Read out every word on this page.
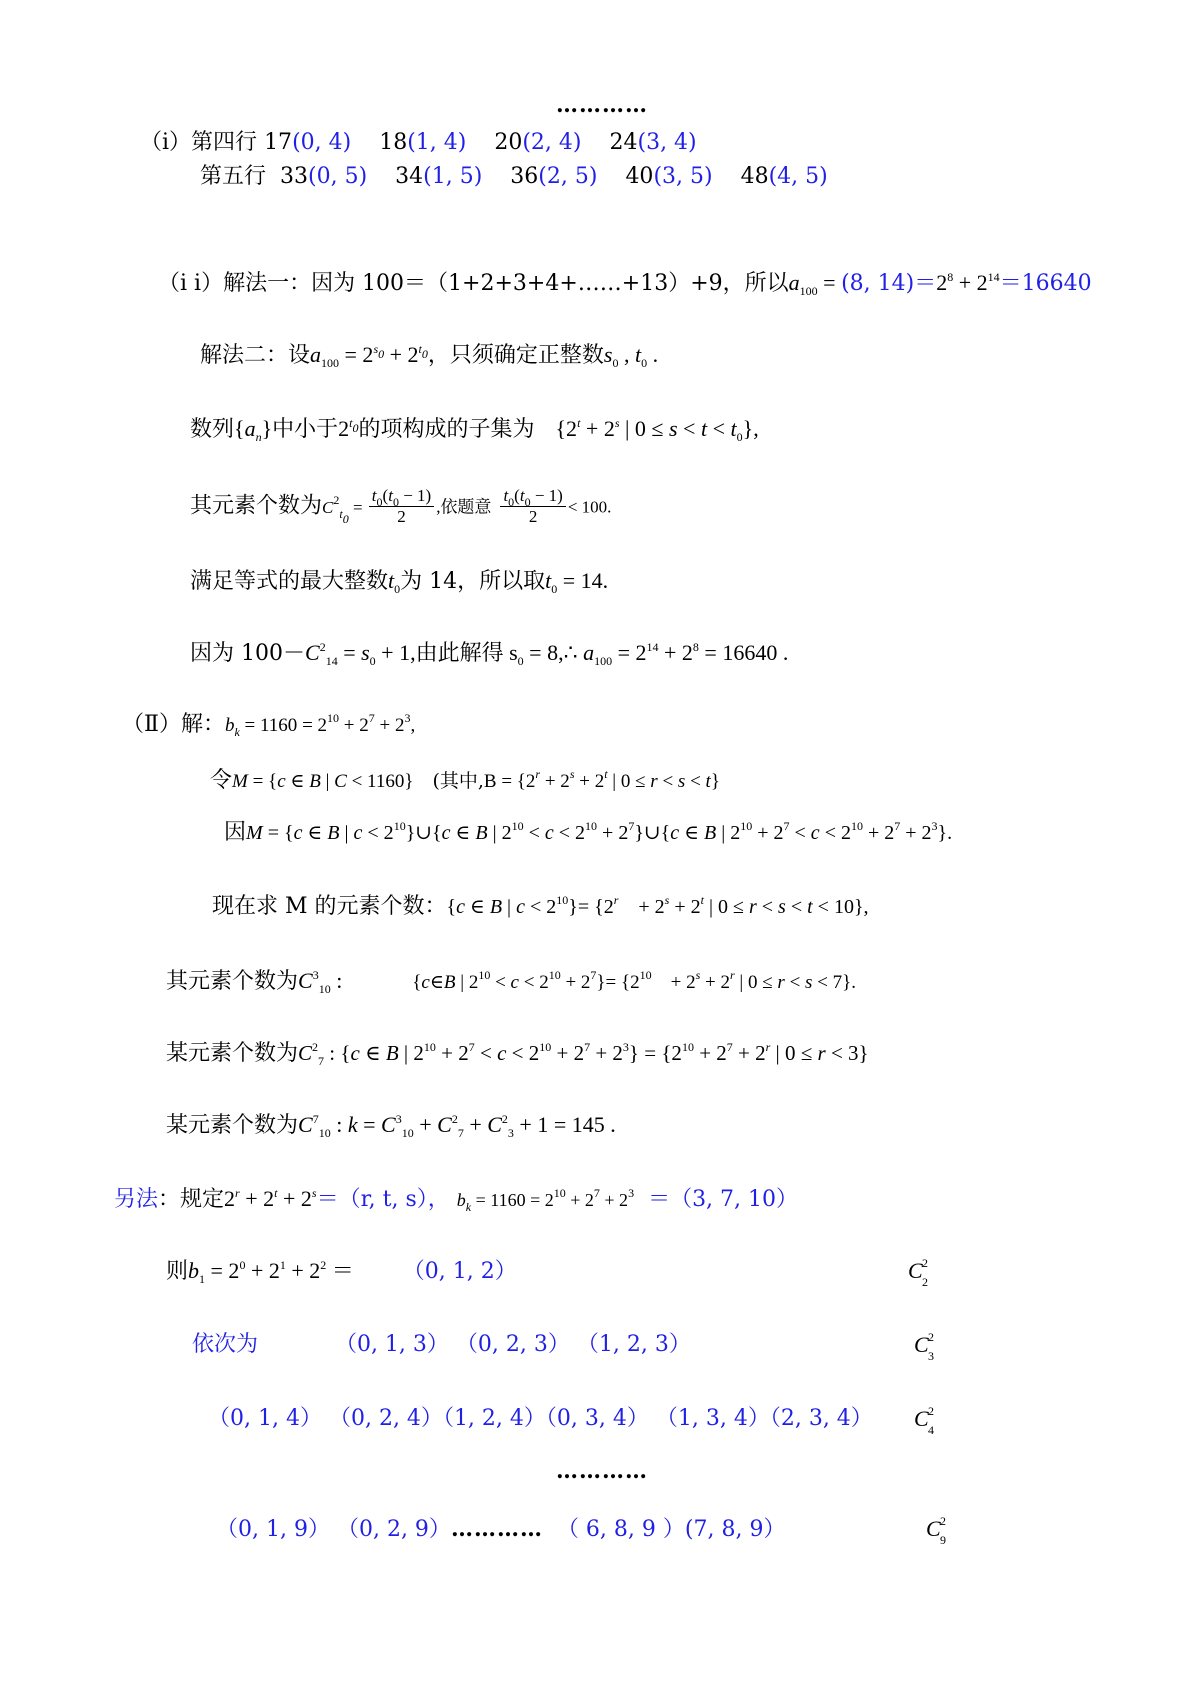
…………
（i）第四行 17(0, 4) 18(1, 4) 20(2, 4) 24(3, 4)
第五行 33(0, 5) 34(1, 5) 36(2, 5) 40(3, 5) 48(4, 5)
（i i）解法一：因为 100＝（1+2+3+4+……+13）+9，所以$a_{100} = (8$, $14)=2^8 + 2^{14}=16640$
解法二：设$a_{100} = 2^{s_0} + 2^{t_0}$，只须确定正整数$s_0$ , $t_0$ .
数列$\{a_n\}$中小于$2^{t_0}$的项构成的子集为 {$2^t + 2^s$ | $0 \le s < t < t_0$},
其元素个数为$C^2_{t_0} = \frac{t_0(t_0 - 1)}{2}$ ,依题意 $\frac{t_0(t_0 - 1)}{2} < 100$.
满足等式的最大整数$t_0$为 14，所以取$t_0 = 14$.
因为 $100-C^2_{14} = s_0 + 1$,由此解得 $s_0$ = 8,∴ $a_{100} = 2^{14} + 2^8 = 16640$ .
（Ⅱ）解：$b_k = 1160 = 2^{10} + 2^7 + 2^3$,
令M = {c ∈ B | C < 1160}    (其中$,B = \{2^r + 2^s + 2^t$ | 0 ≤ r < s < t}
因M = {c ∈ B | $c < 2^{10}\}\cup\{c$ ∈ B | $2^{10} < c < 2^{10}$ + $2^7\}\cup\{c$ ∈ B | $2^{10} + 2^7 < c < 2^{10} + 2^7 + 2^3$}.
现在求 M 的元素个数：{c ∈ B | $c < 2^{10}\}= \{2^r$    + $2^s + 2^t$ | 0 ≤ r < s < t < 10},
其元素个数为$C^3_{10}$ :	{c∈B | $2^{10} < c < 2^{10} + 2^7\}= \{2^{10}$    + $2^s + 2^r$ | 0 ≤ r < s < 7}.
某元素个数为$C^2_7$ : {c ∈ B | $2^{10} + 2^7 < c < 2^{10} + 2^7 + 2^3\} = \{2^{10} + 2^7 + 2^r$ | 0 ≤ r < 3}
某元素个数为$C^7_{10}$ : $k = C^3_{10} + C^2_7 + C^2_3 + 1 = 145$ .
另法：规定$2^r + 2^t + 2^s=(r$, t, s）， $b_k = 1160 = 2^{10} + 2^7 + 2^3 =(3$, 7, 10）
则$b_1 = 2^0 + 2^1 + 2^2 = (0$, 1, 2）	C 2
2
依次为	（0, 1, 3） （0, 2, 3） （1, 2, 3）	C 2
3
（0, 1, 4） （0, 2, 4）（1, 2, 4）（0, 3, 4） （1, 3, 4）（2, 3, 4） C 2
4
…………
（0, 1, 9） （0, 2, 9）………… （ 6, 8, 9 ）(7, 8, 9）	C 2
9
